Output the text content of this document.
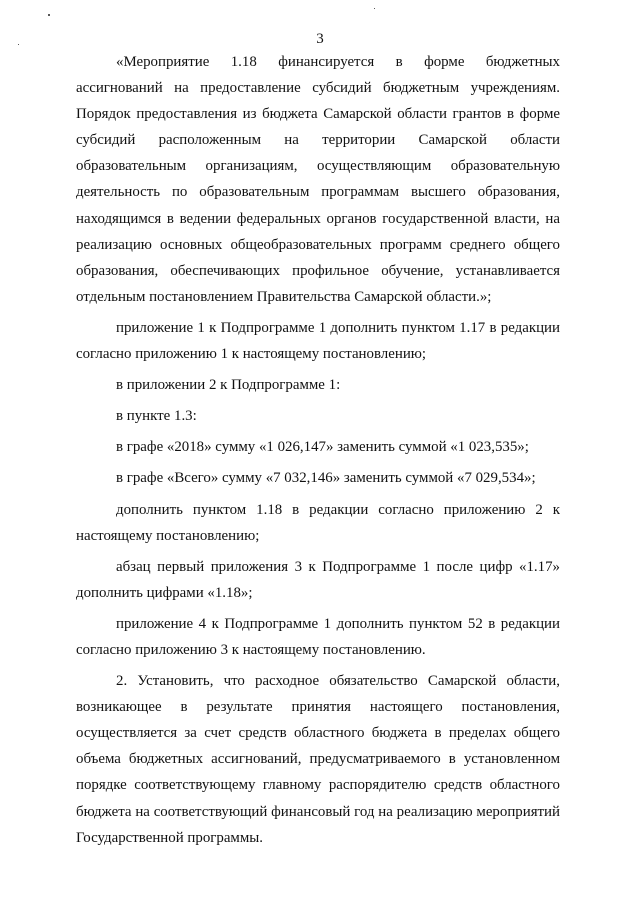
3

«Мероприятие 1.18 финансируется в форме бюджетных ассигнований на предоставление субсидий бюджетным учреждениям. Порядок предоставления из бюджета Самарской области грантов в форме субсидий расположенным на территории Самарской области образовательным организациям, осуществляющим образовательную деятельность по образовательным программам высшего образования, находящимся в ведении федеральных органов государственной власти, на реализацию основных общеобразовательных программ среднего общего образования, обеспечивающих профильное обучение, устанавливается отдельным постановлением Правительства Самарской области.»;

приложение 1 к Подпрограмме 1 дополнить пунктом 1.17 в редакции согласно приложению 1 к настоящему постановлению;

в приложении 2 к Подпрограмме 1:

в пункте 1.3:

в графе «2018» сумму «1 026,147» заменить суммой «1 023,535»;

в графе «Всего» сумму «7 032,146» заменить суммой «7 029,534»;

дополнить пунктом 1.18 в редакции согласно приложению 2 к настоящему постановлению;

абзац первый приложения 3 к Подпрограмме 1 после цифр «1.17» дополнить цифрами «1.18»;

приложение 4 к Подпрограмме 1 дополнить пунктом 52 в редакции согласно приложению 3 к настоящему постановлению.

2. Установить, что расходное обязательство Самарской области, возникающее в результате принятия настоящего постановления, осуществляется за счет средств областного бюджета в пределах общего объема бюджетных ассигнований, предусматриваемого в установленном порядке соответствующему главному распорядителю средств областного бюджета на соответствующий финансовый год на реализацию мероприятий Государственной программы.
